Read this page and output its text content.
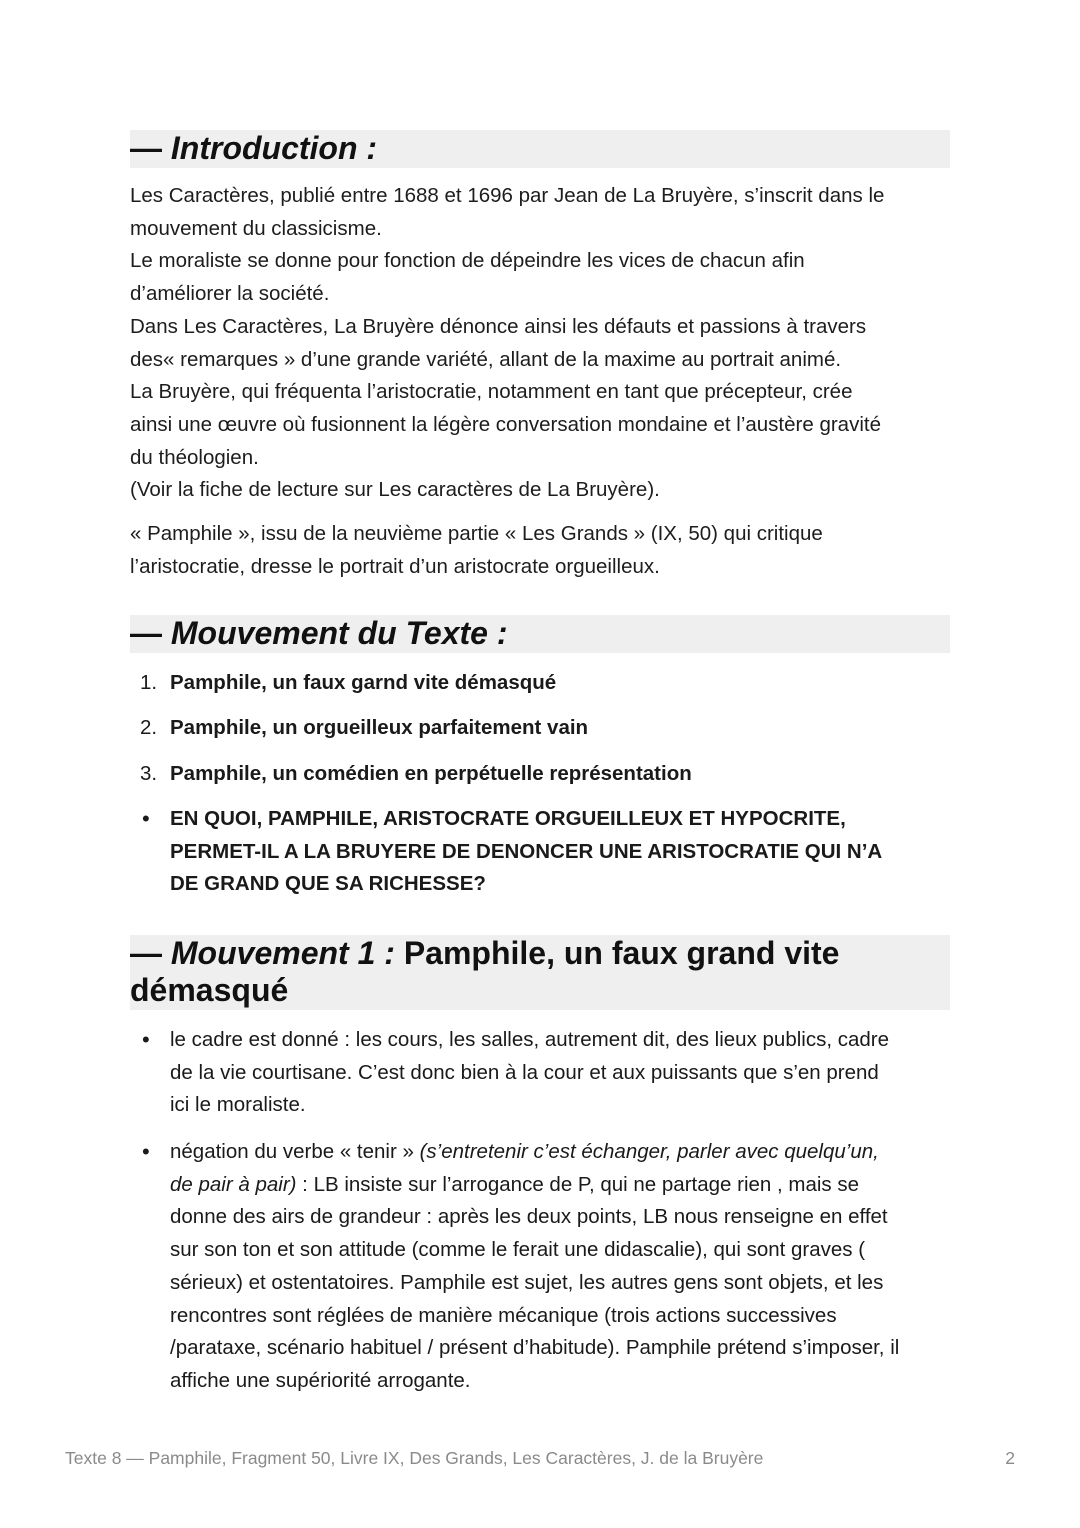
— Introduction :

Les Caractères, publié entre 1688 et 1696 par Jean de La Bruyère, s’inscrit dans le

mouvement du classicisme.

Le moraliste se donne pour fonction de dépeindre les vices de chacun afin

d’améliorer la société.

Dans Les Caractères, La Bruyère dénonce ainsi les défauts et passions à travers

des« remarques » d’une grande variété, allant de la maxime au portrait animé.

La Bruyère, qui fréquenta l’aristocratie, notamment en tant que précepteur, crée

ainsi une œuvre où fusionnent la légère conversation mondaine et l’austère gravité

du théologien.

(Voir la fiche de lecture sur Les caractères de La Bruyère).

« Pamphile », issu de la neuvième partie « Les Grands » (IX, 50) qui critique

l’aristocratie, dresse le portrait d’un aristocrate orgueilleux.

— Mouvement du Texte :
1. Pamphile, un faux garnd vite démasqué
2. Pamphile, un orgueilleux parfaitement vain
3. Pamphile, un comédien en perpétuelle représentation
• EN QUOI, PAMPHILE, ARISTOCRATE ORGUEILLEUX ET HYPOCRITE,
PERMET-IL A LA BRUYERE DE DENONCER UNE ARISTOCRATIE QUI N’A
DE GRAND QUE SA RICHESSE?
— Mouvement 1 : Pamphile, un faux grand vite
démasqué
• le cadre est donné : les cours, les salles, autrement dit, des lieux publics, cadre
de la vie courtisane. C’est donc bien à la cour et aux puissants que s’en prend
ici le moraliste.
• négation du verbe « tenir » (s’entretenir c’est échanger, parler avec quelqu’un,
de pair à pair) : LB insiste sur l’arrogance de P, qui ne partage rien , mais se
donne des airs de grandeur : après les deux points, LB nous renseigne en effet
sur son ton et son attitude (comme le ferait une didascalie), qui sont graves (
sérieux) et ostentatoires. Pamphile est sujet, les autres gens sont objets, et les
rencontres sont réglées de manière mécanique (trois actions successives
/parataxe, scénario habituel / présent d’habitude). Pamphile prétend s’imposer, il
affiche une supériorité arrogante.
Texte 8 — Pamphile, Fragment 50, Livre IX, Des Grands, Les Caractères, J. de la Bruyère	2
